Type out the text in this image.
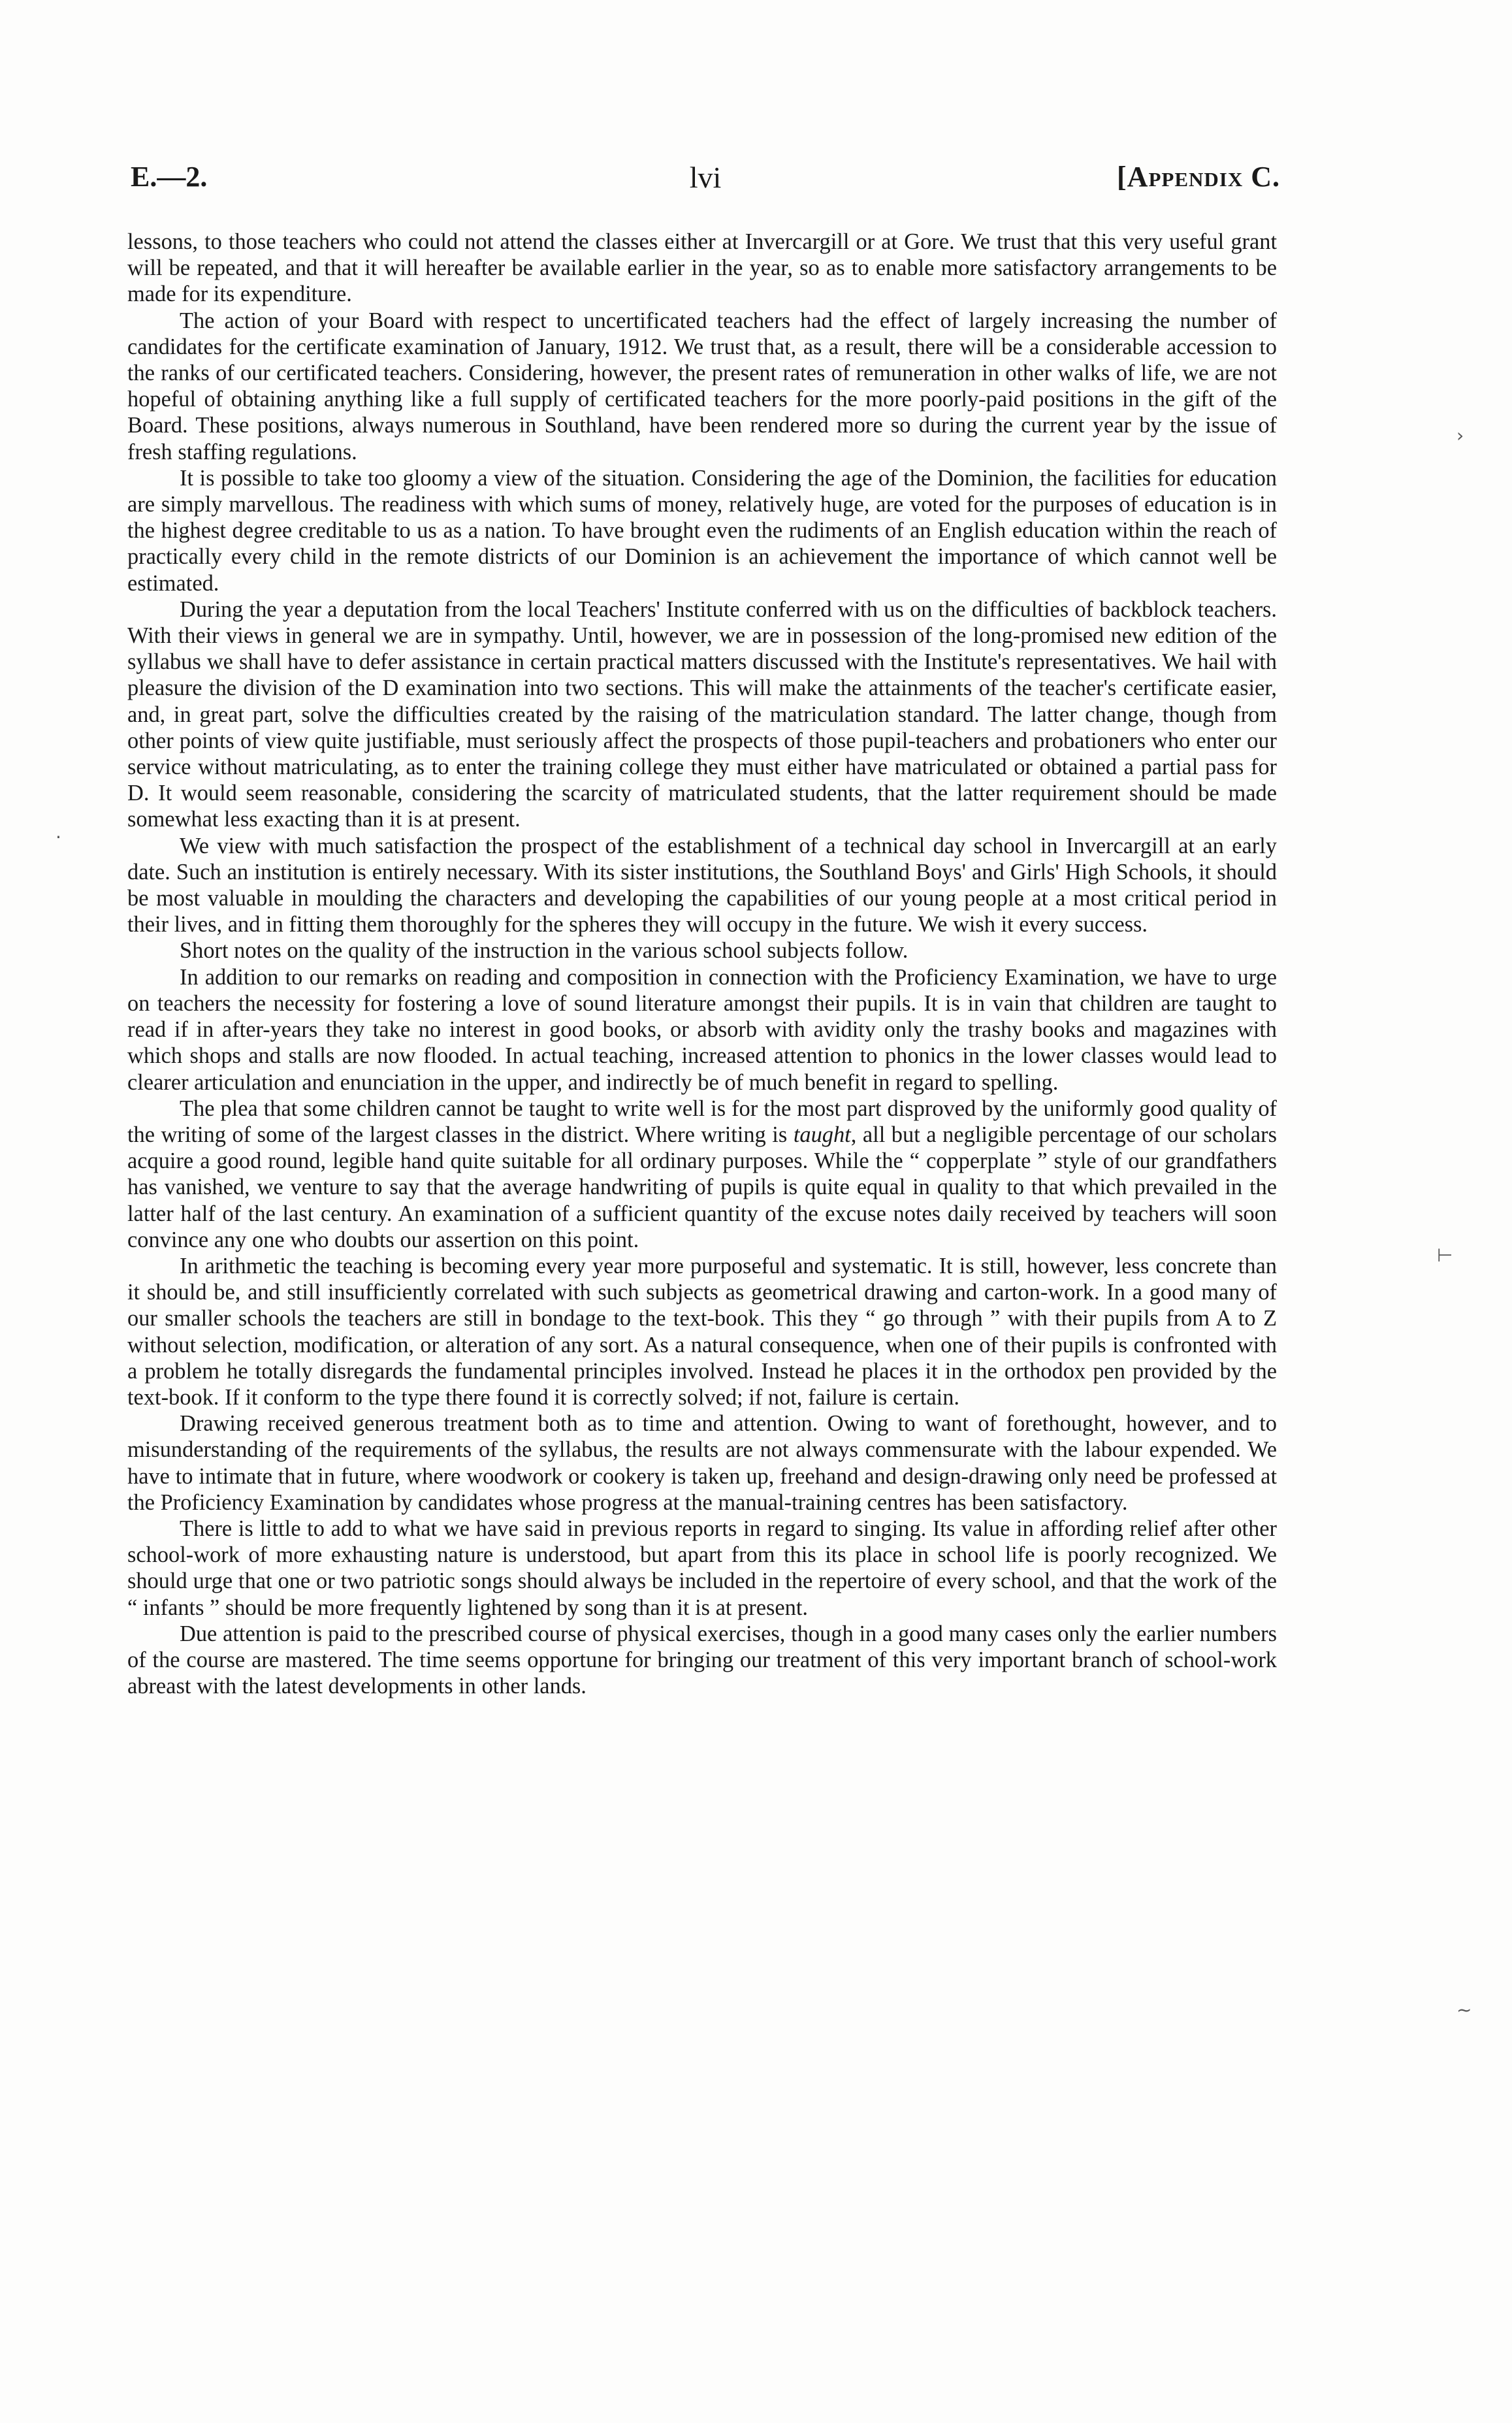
E.—2.	lvi	[Appendix C.

lessons, to those teachers who could not attend the classes either at Invercargill or at Gore. We trust that this very useful grant will be repeated, and that it will hereafter be available earlier in the year, so as to enable more satisfactory arrangements to be made for its expenditure.

The action of your Board with respect to uncertificated teachers had the effect of largely increasing the number of candidates for the certificate examination of January, 1912. We trust that, as a result, there will be a considerable accession to the ranks of our certificated teachers. Considering, however, the present rates of remuneration in other walks of life, we are not hopeful of obtaining anything like a full supply of certificated teachers for the more poorly-paid positions in the gift of the Board. These positions, always numerous in Southland, have been rendered more so during the current year by the issue of fresh staffing regulations.

It is possible to take too gloomy a view of the situation. Considering the age of the Dominion, the facilities for education are simply marvellous. The readiness with which sums of money, relatively huge, are voted for the purposes of education is in the highest degree creditable to us as a nation. To have brought even the rudiments of an English education within the reach of practically every child in the remote districts of our Dominion is an achievement the importance of which cannot well be estimated.

During the year a deputation from the local Teachers' Institute conferred with us on the difficulties of backblock teachers. With their views in general we are in sympathy. Until, however, we are in possession of the long-promised new edition of the syllabus we shall have to defer assistance in certain practical matters discussed with the Institute's representatives. We hail with pleasure the division of the D examination into two sections. This will make the attainments of the teacher's certificate easier, and, in great part, solve the difficulties created by the raising of the matriculation standard. The latter change, though from other points of view quite justifiable, must seriously affect the prospects of those pupil-teachers and probationers who enter our service without matriculating, as to enter the training college they must either have matriculated or obtained a partial pass for D. It would seem reasonable, considering the scarcity of matriculated students, that the latter requirement should be made somewhat less exacting than it is at present.

We view with much satisfaction the prospect of the establishment of a technical day school in Invercargill at an early date. Such an institution is entirely necessary. With its sister institutions, the Southland Boys' and Girls' High Schools, it should be most valuable in moulding the characters and developing the capabilities of our young people at a most critical period in their lives, and in fitting them thoroughly for the spheres they will occupy in the future. We wish it every success.

Short notes on the quality of the instruction in the various school subjects follow.

In addition to our remarks on reading and composition in connection with the Proficiency Examination, we have to urge on teachers the necessity for fostering a love of sound literature amongst their pupils. It is in vain that children are taught to read if in after-years they take no interest in good books, or absorb with avidity only the trashy books and magazines with which shops and stalls are now flooded. In actual teaching, increased attention to phonics in the lower classes would lead to clearer articulation and enunciation in the upper, and indirectly be of much benefit in regard to spelling.

The plea that some children cannot be taught to write well is for the most part disproved by the uniformly good quality of the writing of some of the largest classes in the district. Where writing is taught, all but a negligible percentage of our scholars acquire a good round, legible hand quite suitable for all ordinary purposes. While the “ copperplate ” style of our grandfathers has vanished, we venture to say that the average handwriting of pupils is quite equal in quality to that which prevailed in the latter half of the last century. An examination of a sufficient quantity of the excuse notes daily received by teachers will soon convince any one who doubts our assertion on this point.

In arithmetic the teaching is becoming every year more purposeful and systematic. It is still, however, less concrete than it should be, and still insufficiently correlated with such subjects as geometrical drawing and carton-work. In a good many of our smaller schools the teachers are still in bondage to the text-book. This they “ go through ” with their pupils from A to Z without selection, modification, or alteration of any sort. As a natural consequence, when one of their pupils is confronted with a problem he totally disregards the fundamental principles involved. Instead he places it in the orthodox pen provided by the text-book. If it conform to the type there found it is correctly solved; if not, failure is certain.

Drawing received generous treatment both as to time and attention. Owing to want of forethought, however, and to misunderstanding of the requirements of the syllabus, the results are not always commensurate with the labour expended. We have to intimate that in future, where woodwork or cookery is taken up, freehand and design-drawing only need be professed at the Proficiency Examination by candidates whose progress at the manual-training centres has been satisfactory.

There is little to add to what we have said in previous reports in regard to singing. Its value in affording relief after other school-work of more exhausting nature is understood, but apart from this its place in school life is poorly recognized. We should urge that one or two patriotic songs should always be included in the repertoire of every school, and that the work of the “ infants ” should be more frequently lightened by song than it is at present.

Due attention is paid to the prescribed course of physical exercises, though in a good many cases only the earlier numbers of the course are mastered. The time seems opportune for bringing our treatment of this very important branch of school-work abreast with the latest developments in other lands.

›
⊢
~
·
